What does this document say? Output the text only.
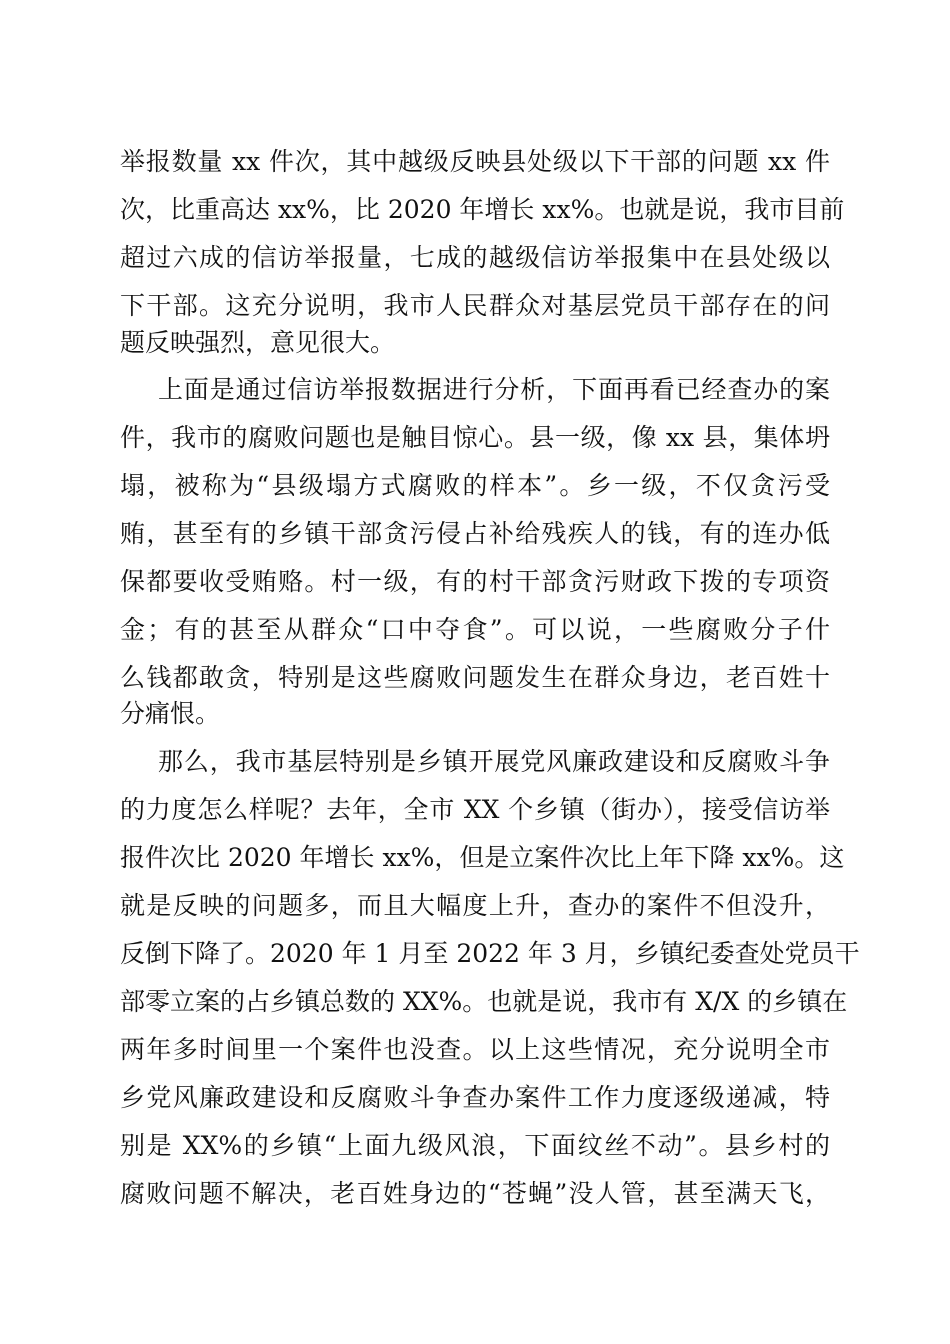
举报数量 xx 件次，其中越级反映县处级以下干部的问题 xx 件
次，比重高达 xx%，比 2020 年增长 xx%。也就是说，我市目前
超过六成的信访举报量，七成的越级信访举报集中在县处级以
下干部。这充分说明，我市人民群众对基层党员干部存在的问
题反映强烈，意见很大。
上面是通过信访举报数据进行分析，下面再看已经查办的案
件，我市的腐败问题也是触目惊心。县一级，像 xx 县，集体坍
塌，被称为“县级塌方式腐败的样本”。乡一级，不仅贪污受
贿，甚至有的乡镇干部贪污侵占补给残疾人的钱，有的连办低
保都要收受贿赂。村一级，有的村干部贪污财政下拨的专项资
金；有的甚至从群众“口中夺食”。可以说，一些腐败分子什
么钱都敢贪，特别是这些腐败问题发生在群众身边，老百姓十
分痛恨。
那么，我市基层特别是乡镇开展党风廉政建设和反腐败斗争
的力度怎么样呢？去年，全市 XX 个乡镇（街办），接受信访举
报件次比 2020 年增长 xx%，但是立案件次比上年下降 xx%。这
就是反映的问题多，而且大幅度上升，查办的案件不但没升，
反倒下降了。2020 年 1 月至 2022 年 3 月，乡镇纪委查处党员干
部零立案的占乡镇总数的 XX%。也就是说，我市有 X/X 的乡镇在
两年多时间里一个案件也没查。以上这些情况，充分说明全市
乡党风廉政建设和反腐败斗争查办案件工作力度逐级递减，特
别是 XX%的乡镇“上面九级风浪，下面纹丝不动”。县乡村的
腐败问题不解决，老百姓身边的“苍蝇”没人管，甚至满天飞，
